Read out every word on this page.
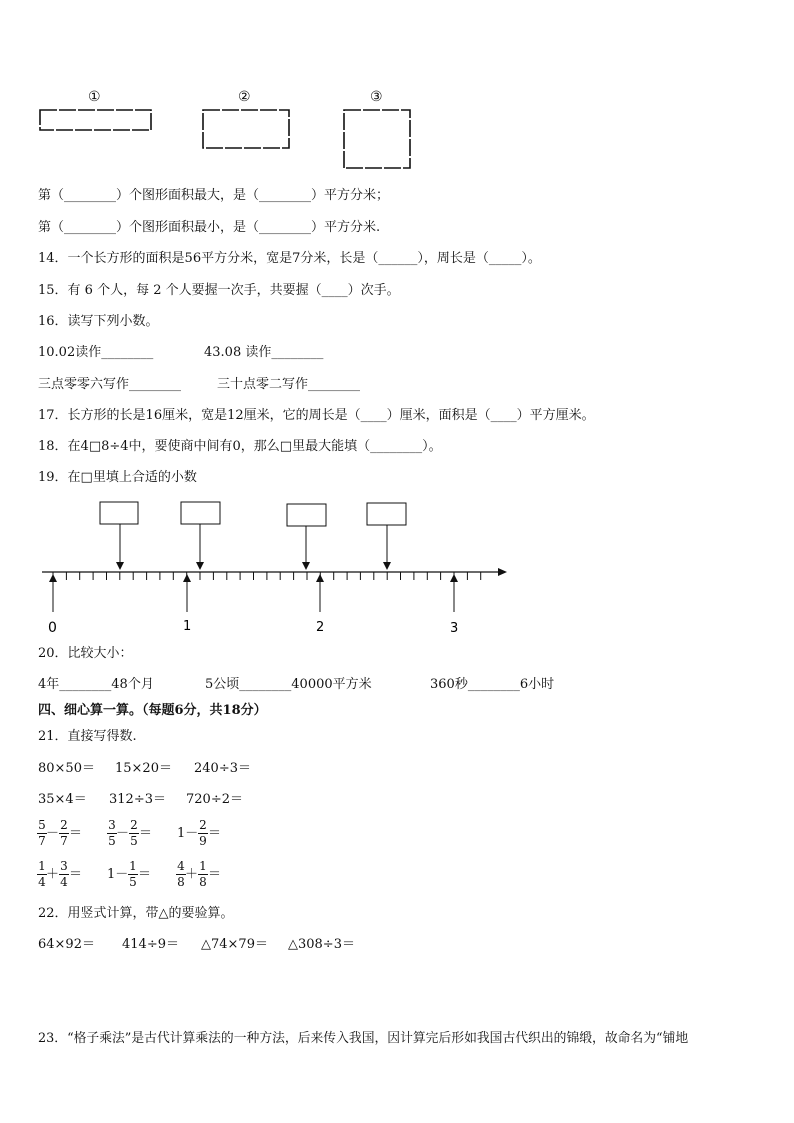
①	②	③
第（________）个图形面积最大，是（________）平方分米；
第（________）个图形面积最小，是（________）平方分米.
14．一个长方形的面积是56平方分米，宽是7分米，长是（______），周长是（_____）。
15．有 6 个人，每 2 个人要握一次手，共要握（____）次手。
16．读写下列小数。
10.02读作________	43.08 读作________
三点零零六写作________	三十点零二写作________
17．长方形的长是16厘米，宽是12厘米，它的周长是（____）厘米，面积是（____）平方厘米。
18．在4□8÷4中，要使商中间有0，那么□里最大能填（________）。
19．在□里填上合适的小数
0	1	2	3
20．比较大小：
4年________48个月	5公顷________40000平方米	360秒________6小时
四、细心算一算。（每题6分，共18分）
21．直接写得数.
80×50＝ 15×20＝ 240÷3＝
35×4＝ 312÷3＝ 720÷2＝
5
7 －
2
7 ＝
3
5 －
2
5 ＝ 1－
2
9 ＝
1
4 ＋
3
4 ＝ 1－
1
5 ＝
4
8 ＋
1
8 ＝
22．用竖式计算，带△的要验算。
64×92＝ 414÷9＝ △74×79＝ △308÷3＝
23．“格子乘法”是古代计算乘法的一种方法，后来传入我国，因计算完后形如我国古代织出的锦缎，故命名为“铺地
